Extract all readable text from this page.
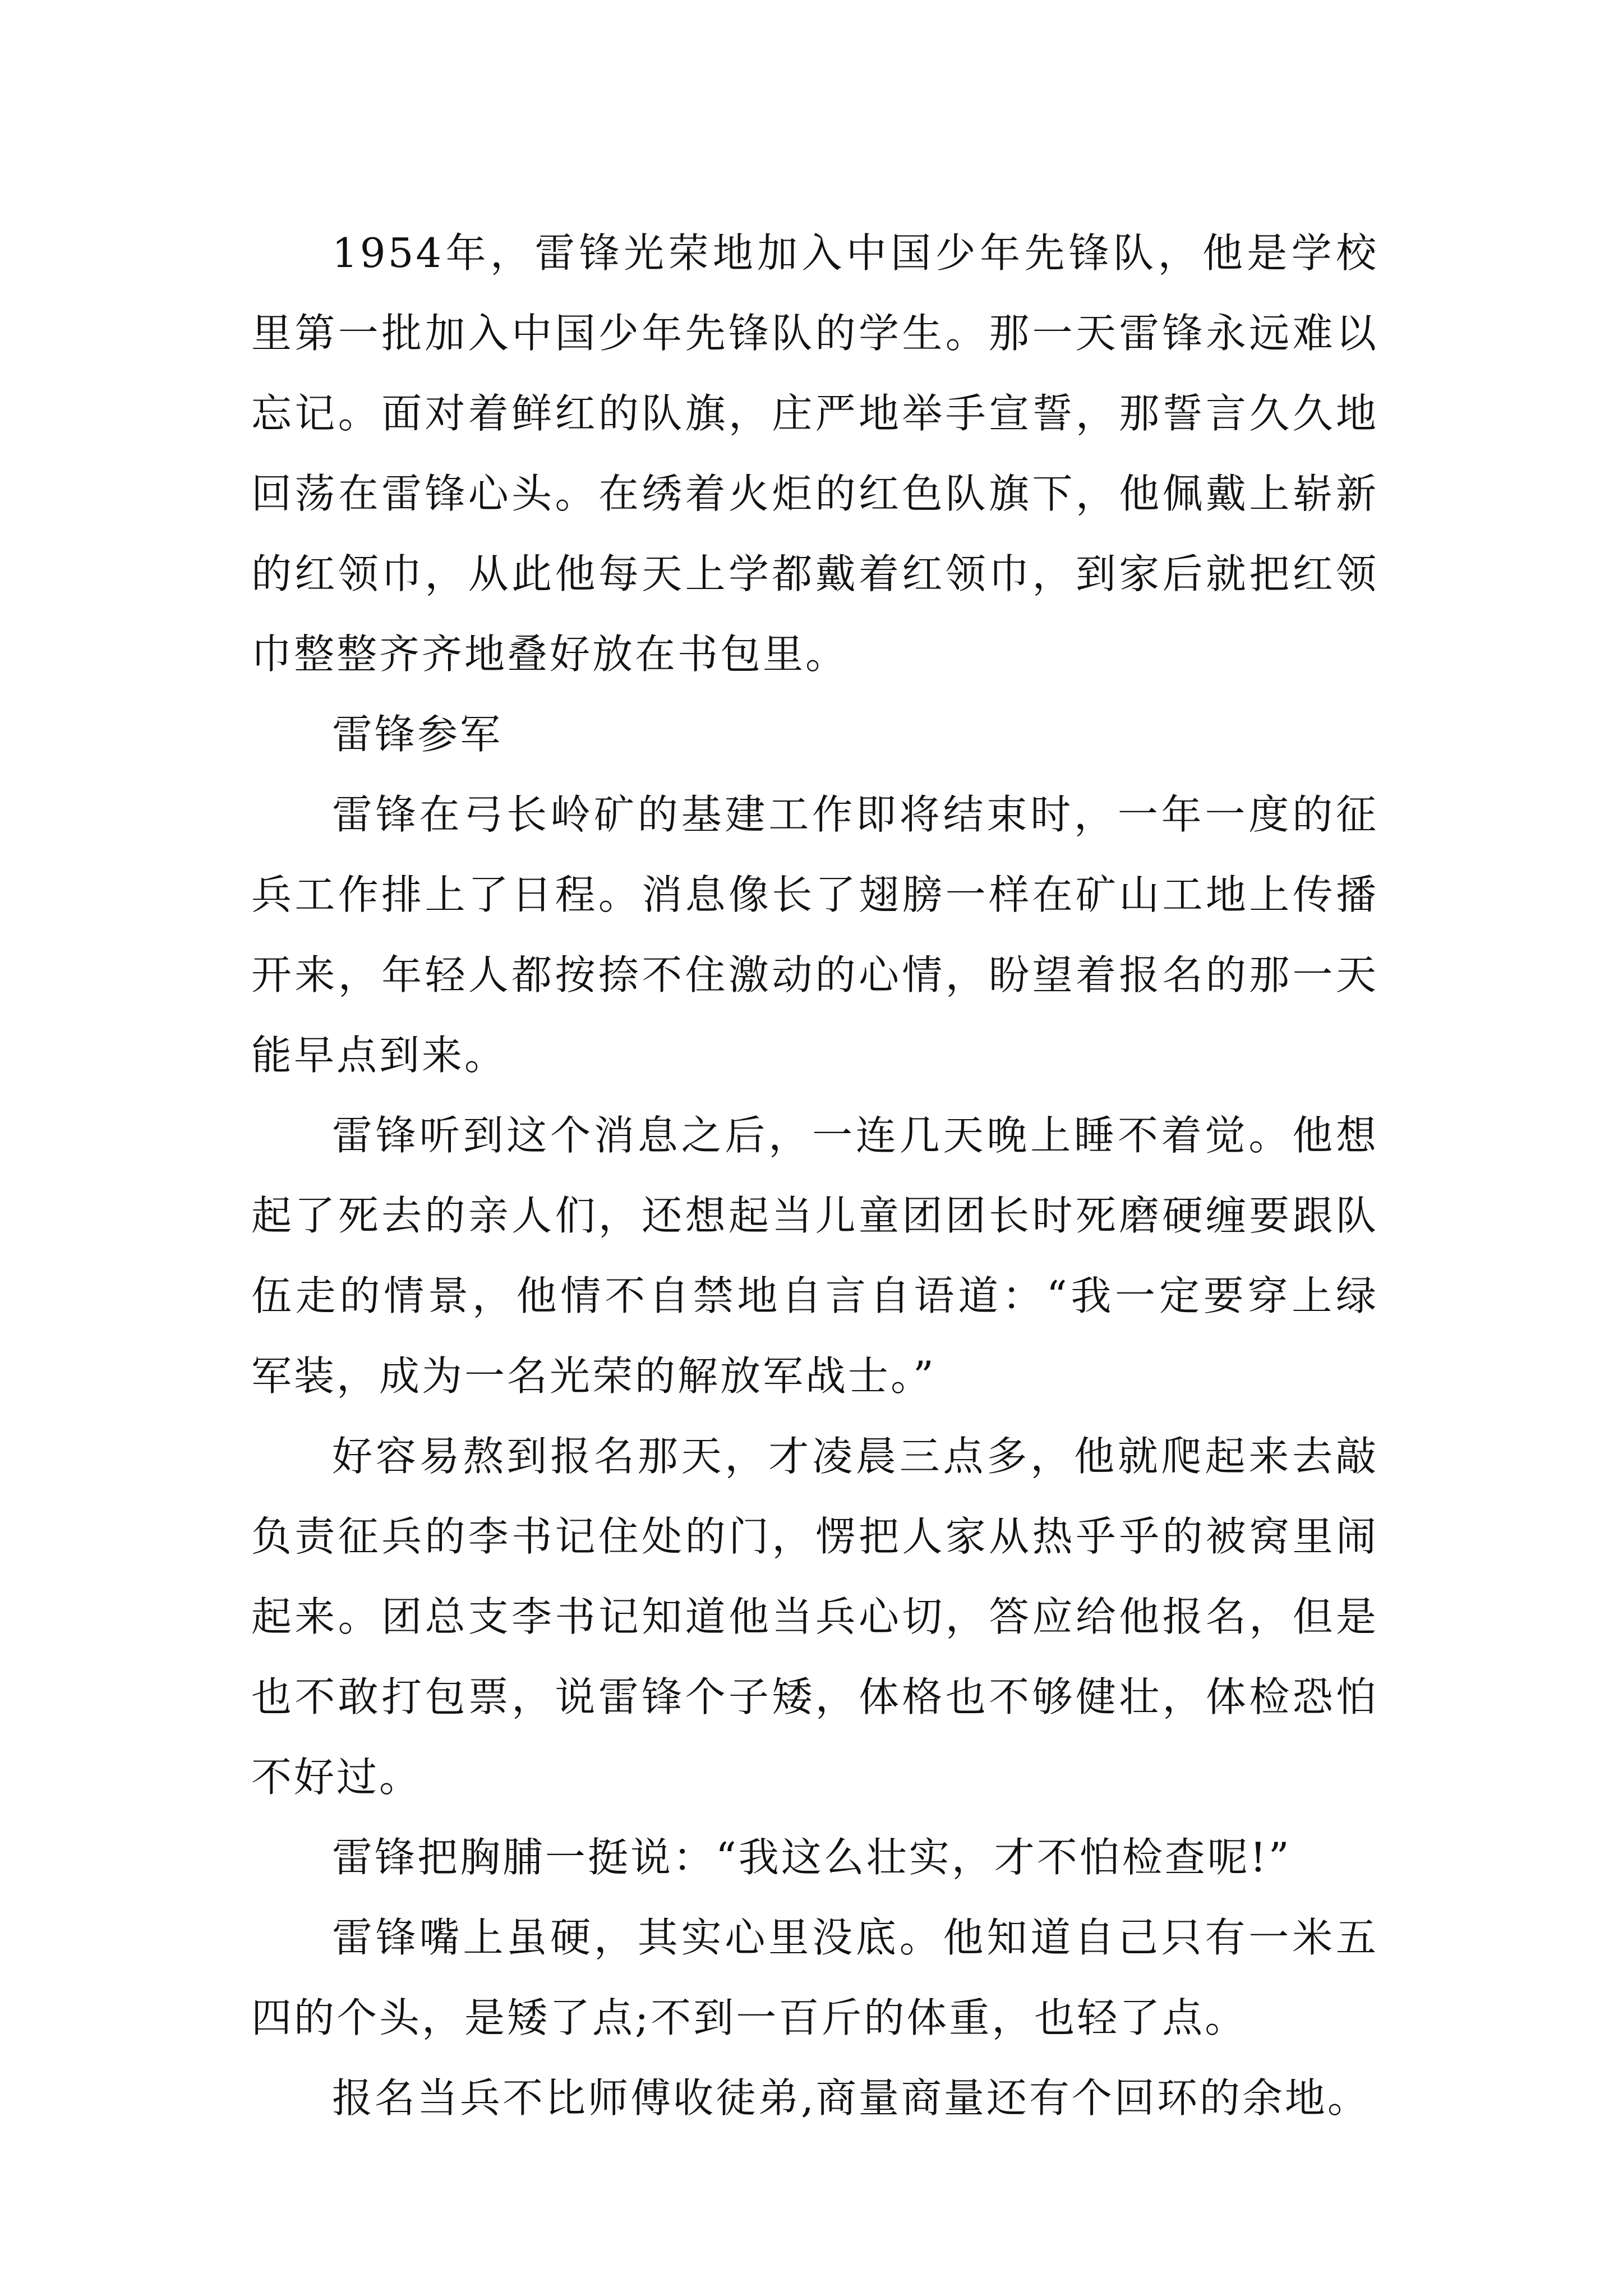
1954年，雷锋光荣地加入中国少年先锋队，他是学校里第一批加入中国少年先锋队的学生。那一天雷锋永远难以忘记。面对着鲜红的队旗，庄严地举手宣誓，那誓言久久地回荡在雷锋心头。在绣着火炬的红色队旗下，他佩戴上崭新的红领巾，从此他每天上学都戴着红领巾，到家后就把红领巾整整齐齐地叠好放在书包里。

雷锋参军

雷锋在弓长岭矿的基建工作即将结束时，一年一度的征兵工作排上了日程。消息像长了翅膀一样在矿山工地上传播开来，年轻人都按捺不住激动的心情，盼望着报名的那一天能早点到来。

雷锋听到这个消息之后，一连几天晚上睡不着觉。他想起了死去的亲人们，还想起当儿童团团长时死磨硬缠要跟队伍走的情景，他情不自禁地自言自语道：“我一定要穿上绿军装，成为一名光荣的解放军战士。”

好容易熬到报名那天，才凌晨三点多，他就爬起来去敲负责征兵的李书记住处的门，愣把人家从热乎乎的被窝里闹起来。团总支李书记知道他当兵心切，答应给他报名，但是也不敢打包票，说雷锋个子矮，体格也不够健壮，体检恐怕不好过。

雷锋把胸脯一挺说：“我这么壮实，才不怕检查呢!”

雷锋嘴上虽硬，其实心里没底。他知道自己只有一米五四的个头，是矮了点;不到一百斤的体重，也轻了点。

报名当兵不比师傅收徒弟,商量商量还有个回环的余地。
